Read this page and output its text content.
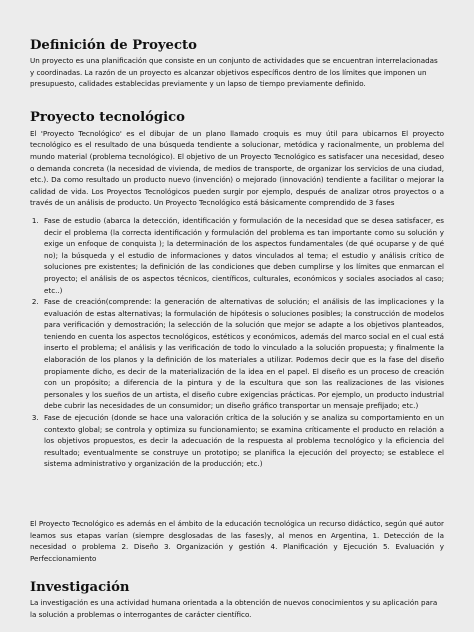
Definición de Proyecto

Un proyecto es una planificación que consiste en un conjunto de actividades que se encuentran interrelacionadas y coordinadas. La razón de un proyecto es alcanzar objetivos específicos dentro de los límites que imponen un presupuesto, calidades establecidas previamente y un lapso de tiempo previamente definido.

Proyecto tecnológico

El 'Proyecto Tecnológico' es el dibujar de un plano llamado croquis es muy útil para ubicarnos El proyecto tecnológico es el resultado de una búsqueda tendiente a solucionar, metódica y racionalmente, un problema del mundo material (problema tecnológico). El objetivo de un Proyecto Tecnológico es satisfacer una necesidad, deseo o demanda concreta (la necesidad de vivienda, de medios de transporte, de organizar los servicios de una ciudad, etc.). Da como resultado un producto nuevo (invención) o mejorado (innovación) tendiente a facilitar o mejorar la calidad de vida. Los Proyectos Tecnológicos pueden surgir por ejemplo, después de analizar otros proyectos o a través de un análisis de producto. Un Proyecto Tecnológico está básicamente comprendido de 3 fases

1. Fase de estudio (abarca la detección, identificación y formulación de la necesidad que se desea satisfacer, es decir el problema (la correcta identificación y formulación del problema es tan importante como su solución y exige un enfoque de conquista ); la determinación de los aspectos fundamentales (de qué ocuparse y de qué no); la búsqueda y el estudio de informaciones y datos vinculados al tema; el estudio y análisis crítico de soluciones pre existentes; la definición de las condiciones que deben cumplirse y los límites que enmarcan el proyecto; el análisis de os aspectos técnicos, científicos, culturales, económicos y sociales asociados al caso; etc..)
2. Fase de creación(comprende: la generación de alternativas de solución; el análisis de las implicaciones y la evaluación de estas alternativas; la formulación de hipótesis o soluciones posibles; la construcción de modelos para verificación y demostración; la selección de la solución que mejor se adapte a los objetivos planteados, teniendo en cuenta los aspectos tecnológicos, estéticos y económicos, además del marco social en el cual está inserto el problema; el análisis y las verificación de todo lo vinculado a la solución propuesta; y finalmente la elaboración de los planos y la definición de los materiales a utilizar. Podemos decir que es la fase del diseño propiamente dicho, es decir de la materialización de la idea en el papel. El diseño es un proceso de creación con un propósito; a diferencia de la pintura y de la escultura que son las realizaciones de las visiones personales y los sueños de un artista, el diseño cubre exigencias prácticas. Por ejemplo, un producto industrial debe cubrir las necesidades de un consumidor; un diseño gráfico transportar un mensaje prefijado; etc.)
3. Fase de ejecución (donde se hace una valoración crítica de la solución y se analiza su comportamiento en un contexto global; se controla y optimiza su funcionamiento; se examina críticamente el producto en relación a los objetivos propuestos, es decir la adecuación de la respuesta al problema tecnológico y la eficiencia del resultado; eventualmente se construye un prototipo; se planifica la ejecución del proyecto; se establece el sistema administrativo y organización de la producción; etc.)

El Proyecto Tecnológico es además en el ámbito de la educación tecnológica un recurso didáctico, según qué autor leamos sus etapas varían (siempre desglosadas de las fases)y, al menos en Argentina, 1. Detección de la necesidad o problema 2. Diseño 3. Organización y gestión 4. Planificación y Ejecución 5. Evaluación y Perfeccionamiento

Investigación

La investigación es una actividad humana orientada a la obtención de nuevos conocimientos y su aplicación para la solución a problemas o interrogantes de carácter científico.
